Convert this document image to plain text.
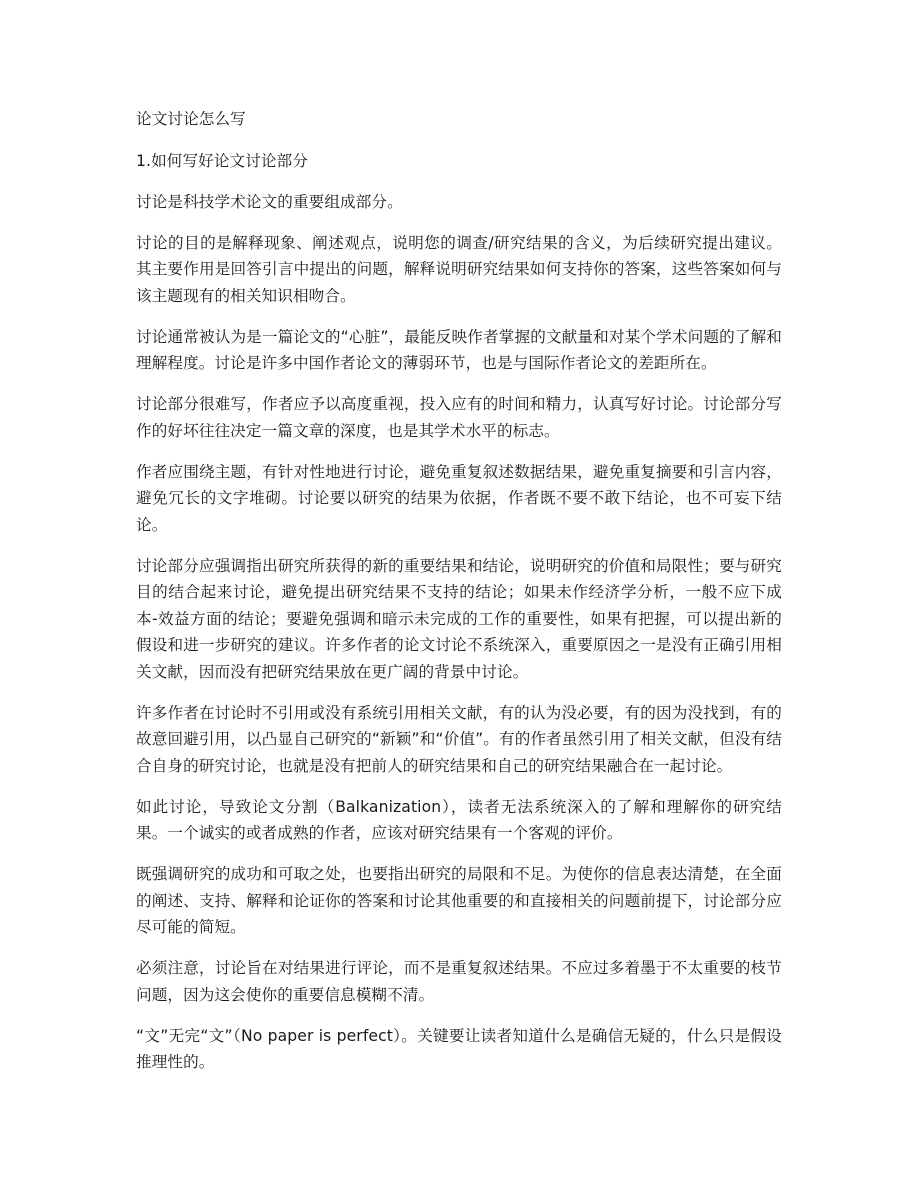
论文讨论怎么写

1.如何写好论文讨论部分

讨论是科技学术论文的重要组成部分。

讨论的目的是解释现象、阐述观点，说明您的调查/研究结果的含义，为后续研究提出建议。其主要作用是回答引言中提出的问题，解释说明研究结果如何支持你的答案，这些答案如何与该主题现有的相关知识相吻合。

讨论通常被认为是一篇论文的“心脏”，最能反映作者掌握的文献量和对某个学术问题的了解和理解程度。讨论是许多中国作者论文的薄弱环节，也是与国际作者论文的差距所在。

讨论部分很难写，作者应予以高度重视，投入应有的时间和精力，认真写好讨论。讨论部分写作的好坏往往决定一篇文章的深度，也是其学术水平的标志。

作者应围绕主题，有针对性地进行讨论，避免重复叙述数据结果，避免重复摘要和引言内容，避免冗长的文字堆砌。讨论要以研究的结果为依据，作者既不要不敢下结论，也不可妄下结论。

讨论部分应强调指出研究所获得的新的重要结果和结论，说明研究的价值和局限性；要与研究目的结合起来讨论，避免提出研究结果不支持的结论；如果未作经济学分析，一般不应下成本-效益方面的结论；要避免强调和暗示未完成的工作的重要性，如果有把握，可以提出新的假设和进一步研究的建议。许多作者的论文讨论不系统深入，重要原因之一是没有正确引用相关文献，因而没有把研究结果放在更广阔的背景中讨论。

许多作者在讨论时不引用或没有系统引用相关文献，有的认为没必要，有的因为没找到，有的故意回避引用，以凸显自己研究的“新颖”和“价值”。有的作者虽然引用了相关文献，但没有结合自身的研究讨论，也就是没有把前人的研究结果和自己的研究结果融合在一起讨论。

如此讨论，导致论文分割（Balkanization），读者无法系统深入的了解和理解你的研究结果。一个诚实的或者成熟的作者，应该对研究结果有一个客观的评价。

既强调研究的成功和可取之处，也要指出研究的局限和不足。为使你的信息表达清楚，在全面的阐述、支持、解释和论证你的答案和讨论其他重要的和直接相关的问题前提下，讨论部分应尽可能的简短。

必须注意，讨论旨在对结果进行评论，而不是重复叙述结果。不应过多着墨于不太重要的枝节问题，因为这会使你的重要信息模糊不清。

“文”无完“文”（No paper is perfect）。关键要让读者知道什么是确信无疑的，什么只是假设推理性的。
